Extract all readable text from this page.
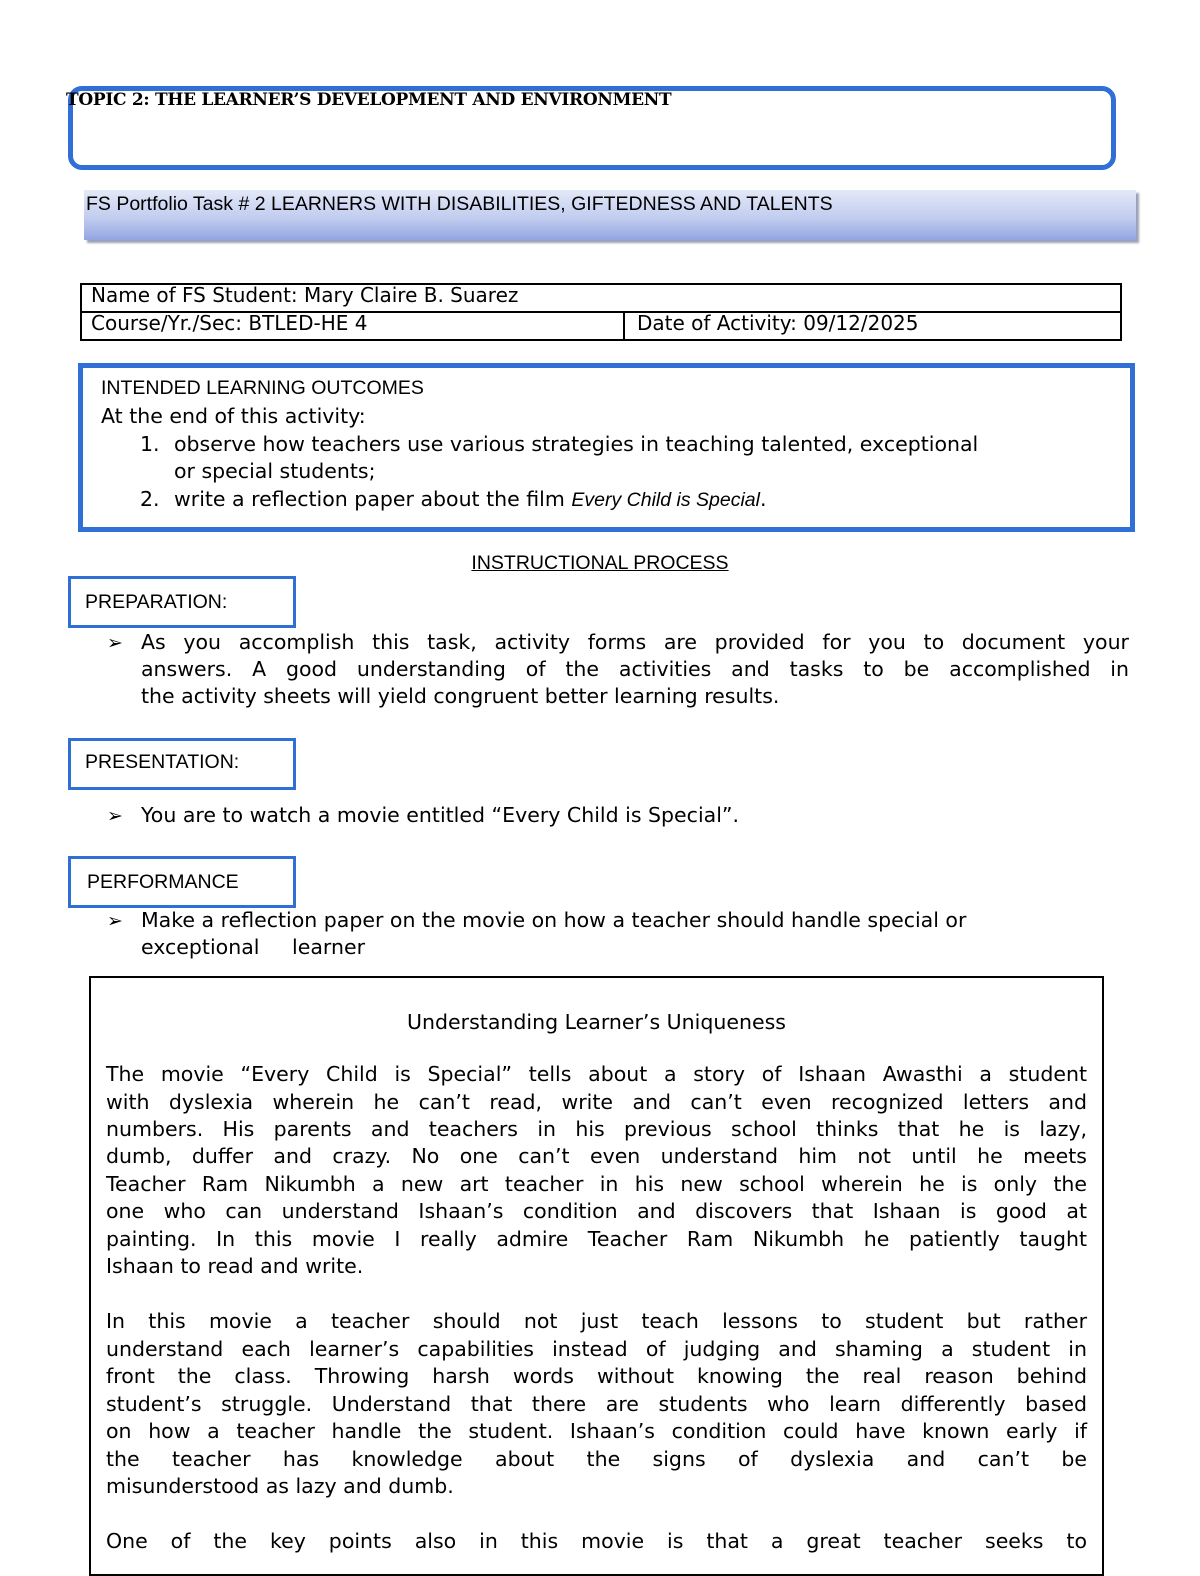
TOPIC 2: THE LEARNER’S DEVELOPMENT AND ENVIRONMENT
FS Portfolio Task # 2 LEARNERS WITH DISABILITIES, GIFTEDNESS AND TALENTS
Name of FS Student: Mary Claire B. Suarez
Course/Yr./Sec: BTLED-HE 4	Date of Activity: 09/12/2025
INTENDED LEARNING OUTCOMES
At the end of this activity:
1. observe how teachers use various strategies in teaching talented, exceptional
or special students;
2. write a reflection paper about the film Every Child is Special.
INSTRUCTIONAL PROCESS
PREPARATION:
➢ As you accomplish this task, activity forms are provided for you to document your
answers. A good understanding of the activities and tasks to be accomplished in
the activity sheets will yield congruent better learning results.
PRESENTATION:
➢ You are to watch a movie entitled “Every Child is Special”.
PERFORMANCE
➢ Make a reflection paper on the movie on how a teacher should handle special or
exceptional     learner
Understanding Learner’s Uniqueness
The movie “Every Child is Special” tells about a story of Ishaan Awasthi a student
with dyslexia wherein he can’t read, write and can’t even recognized letters and
numbers. His parents and teachers in his previous school thinks that he is lazy,
dumb, duffer and crazy. No one can’t even understand him not until he meets
Teacher Ram Nikumbh a new art teacher in his new school wherein he is only the
one who can understand Ishaan’s condition and discovers that Ishaan is good at
painting. In this movie I really admire Teacher Ram Nikumbh he patiently taught
Ishaan to read and write.
In this movie a teacher should not just teach lessons to student but rather
understand each learner’s capabilities instead of judging and shaming a student in
front the class. Throwing harsh words without knowing the real reason behind
student’s struggle. Understand that there are students who learn differently based
on how a teacher handle the student. Ishaan’s condition could have known early if
the teacher has knowledge about the signs of dyslexia and can’t be
misunderstood as lazy and dumb.
One of the key points also in this movie is that a great teacher seeks to
